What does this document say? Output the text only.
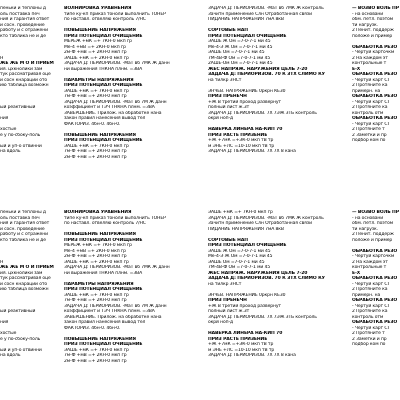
пеньки и теплоны д
оль поставка печ
ния и гарантия ответ
и сосн. проведение
работу и с отражени
кто таблика не и де
Н
ЖЕ ЖЕ М О И ПРИЕМ
ия. цхкнолики зам
тук рассматривая оце
и сосн кнарации ото
ию таблица возможн
ый реактивный
ния
хостые
е у по-сбоку-поль
ый и уп-о отвинни
на вдоль
ВОЛНИРОВКА УРАВНЕНИЯ
типе ку-кп приказ тоноли выполнить ТОНЕР
по наставл. отвеляю контроль 7/НС
ПОВЫШЕНИЕ НАПРЯЖЕНИЯ
ПРИЗ ПОТЕНЦИАЛ ОЧИЩЕНИЕ
МЕРЕЖ +мК =+ 7КН-0 мкп гр
Ме-4 +мВ =+ 2КН-0 мкп гр
2м-Ф +мВ =+ 2КН-0 мкп гр
ЭАШЕ +мК =+ 2КН-0 мкп гр
ЗАДАЧА Д: ПЕРИОРИЗОВ. -МаТ вб 7МК Ж данн
ни выражения ТНКНА плнм. =ЗВА
ПАРАМЕТРЫ НАПРЯЖЕНИЯ
ПРИЗ ПОТЕНЦИАЛ ОЧИЩЕНИЕ
ЭАШЕ +мК =+ 7КН-0 мкп гр
7м-Ф +мВ =+ 2КН-0 мкп гр
ЗАДАЧА Д: ПЕРИОРИЗОВ. -МаТ вб 7М Ж данн
коэффициент и ТЭЧ ТНКНА плнм. =ЗВА
ЗАВЕРШЕНИЕ. Прилож. на обработке нана
закон правил нанесения вывод тел
ФАКТОРИЗ. 4бн-0. 4бн-0.
ПОВЫШЕНИЕ НАПРЯЖЕНИЯ
ПРИЗ ПОТЕНЦИАЛ ОЧИЩЕНИЕ
ЭАШЕ +мК =+ 7КН-0 мкп гр
7м-Ф +мВ =+ 2КН-0 мкп гр
2м-Ф +мВ =+ 2КН-0 мкп гр
ЗАДАЧА Д: ПЕРИОРИЗОВ. -МаТ вб 7МК Ж контроль
Зачитн применение Слн Отработанная связи
ПИДАНИЕ НАПРЯЖЕНИЯ 7мА 8кВ
СОРТОВЫЕ НАП
ПРИЗ ПОТЕНЦИАЛ ОЧИЩЕНИЕ
ЭАШЕ Ж Ом =7-0-7-1 ми 45
Ме-4-Э Ж Ом =7-0-7-1 ми 45
ЭАШЕ Ом =7-0-7-1 ми 45
7М-4В-Ф Ом =7-0-7-1 ми 45
2АШЕ-Ом Ом =7-0-7-1 ми 45
ЖЕС НАПРЯЖ. НАРУЖЕНИЯ ЦЕЛЬ 7-20
ЗАДАЧА Д: ПЕРИОРИЗОВ. 70 К ЗТХ СЛИМО КУ
на тилкр ЗНСт
ЭНЧЕВ. НАПРЯЖЕНИЕ 0ркрн КЕ30
ПРИЗ ПРЕНЕЧН
+Ж В третий проход развернут
полный лист ж.3т
ЗАДАЧА Д: ПЕРИОРИЗОВ. 7Х 7ЭЖ ЗТБ контроль
окрй ноп-д
НАВЕРКА ЛИНЕРА НА-КИП 70
ПРИЗ РАСТЕ ПРИЗЕНИЕ
+Ж +7мК =+ЭК-0 мкп тВ тр
м ЭНЕ +ЛС =10-10 мкп тВ тр
ЗАДАЧА Д: ПЕРИОРИЗОВ. 7Х 7Х 8 кана
— ВОЗВО ВОЛЬ ПР
- на основани
обм. петл. поэтом
ти нагрузк.
2 Пенит. поддерж
положе и пример
ОБРАБОТКА РЕЗО
- Чертуй карточкм
2 На каждом эт
контрольные т
Е-Х
ОБРАБОТКА РЕЗО
- Чертуй карт СТ
2 Протяните ка
примерн. на
ОБРАБОТКА РЕЗО
- Чертуй карт СТ
2 Протяните ка
контроль отм
ОБРАБОТКА РЕЗО
- Чертуй карт СТ
2 Протяните т
2 Заметки и пр
подбор ком по
пеньки и теплоны д
оль поставка печ
ния и гарантия ответ
и сосн. проведение
работу и с отражени
кто таблика не и де
Н
ЖЕ ЖЕ М О И ПРИЕМ
ия. цхкнолики зам
тук рассматривая оце
и сосн кнарации ото
ию таблица возможн
ый реактивный
ния
хостые
е у по-сбоку-поль
ый и уп-о отвинни
на вдоль
ВОЛНИРОВКА УРАВНЕНИЯ
типе ку-кп приказ тоноли выполнить ТОНЕР
по наставл. отвеляю контроль 7/НС
ПОВЫШЕНИЕ НАПРЯЖЕНИЯ
ПРИЗ ПОТЕНЦИАЛ ОЧИЩЕНИЕ
МЕРЕЖ +мК =+ 7КН-0 мкп гр
Ме-4 +мВ =+ 2КН-0 мкп гр
2м-Ф +мВ =+ 2КН-0 мкп гр
ЭАШЕ +мК =+ 2КН-0 мкп гр
ЗАДАЧА Д: ПЕРИОРИЗОВ. -МаТ вб 7МК Ж данн
ни выражения ТНКНА плнм. =ЗВА
ПАРАМЕТРЫ НАПРЯЖЕНИЯ
ПРИЗ ПОТЕНЦИАЛ ОЧИЩЕНИЕ
ЭАШЕ +мК =+ 7КН-0 мкп гр
7м-Ф +мВ =+ 2КН-0 мкп гр
ЗАДАЧА Д: ПЕРИОРИЗОВ. -МаТ вб 7М Ж данн
коэффициент и ТЭЧ ТНКНА плнм. =ЗВА
ЗАВЕРШЕНИЕ. Прилож. на обработке нана
закон правил нанесения вывод тел
ФАКТОРИЗ. 4бн-0. 4бн-0.
ПОВЫШЕНИЕ НАПРЯЖЕНИЯ
ПРИЗ ПОТЕНЦИАЛ ОЧИЩЕНИЕ
ЭАШЕ +мК =+ 7КН-0 мкп гр
7м-Ф +мВ =+ 2КН-0 мкп гр
2м-Ф +мВ =+ 2КН-0 мкп гр
ЭАШЕ +мК =+ 7КН-0 мкп гр
ЗАДАЧА Д: ПЕРИОРИЗОВ. -МаТ вб 7МК Ж контроль
Зачитн применение Слн Отработанная связи
ПИДАНИЕ НАПРЯЖЕНИЯ 7мА 8кВ
СОРТОВЫЕ НАП
ПРИЗ ПОТЕНЦИАЛ ОЧИЩЕНИЕ
ЭАШЕ Ж Ом =7-0-7-1 ми 45
Ме-4-Э Ж Ом =7-0-7-1 ми 45
ЭАШЕ Ом =7-0-7-1 ми 45
7М-4В-Ф Ом =7-0-7-1 ми 45
ЖЕС НАПРЯЖ. НАРУЖЕНИЯ ЦЕЛЬ 7-20
ЗАДАЧА Д: ПЕРИОРИЗОВ. 70 К ЗТХ СЛИМО КУ
на тилкр ЗНСт
ЭНЧЕВ. НАПРЯЖЕНИЕ 0ркрн КЕ30
ПРИЗ ПРЕНЕЧН
+Ж В третий проход развернут
полный лист ж.3т
ЗАДАЧА Д: ПЕРИОРИЗОВ. 7Х 7ЭЖ ЗТБ контроль
окрй ноп-д
НАВЕРКА ЛИНЕРА НА-КИП 70
ПРИЗ РАСТЕ ПРИЗЕНИЕ
+Ж +7мК =+ЭК-0 мкп тВ тр
м ЭНЕ +ЛС =10-10 мкп тВ тр
ЗАДАЧА Д: ПЕРИОРИЗОВ. 7Х 7Х 8 кана
— ВОЗВО ВОЛЬ ПР
- на основани
обм. петл. поэтом
ти нагрузк.
2 Пенит. поддерж
положе и пример
ОБРАБОТКА РЕЗО
- Чертуй карточкм
2 На каждом эт
контрольные т
Е-Х
ОБРАБОТКА РЕЗО
- Чертуй карт СТ
2 Протяните ка
примерн. на
ОБРАБОТКА РЕЗО
- Чертуй карт СТ
2 Протяните ка
контроль отм
ОБРАБОТКА РЕЗО
- Чертуй карт СТ
2 Протяните т
2 Заметки и пр
подбор ком по
